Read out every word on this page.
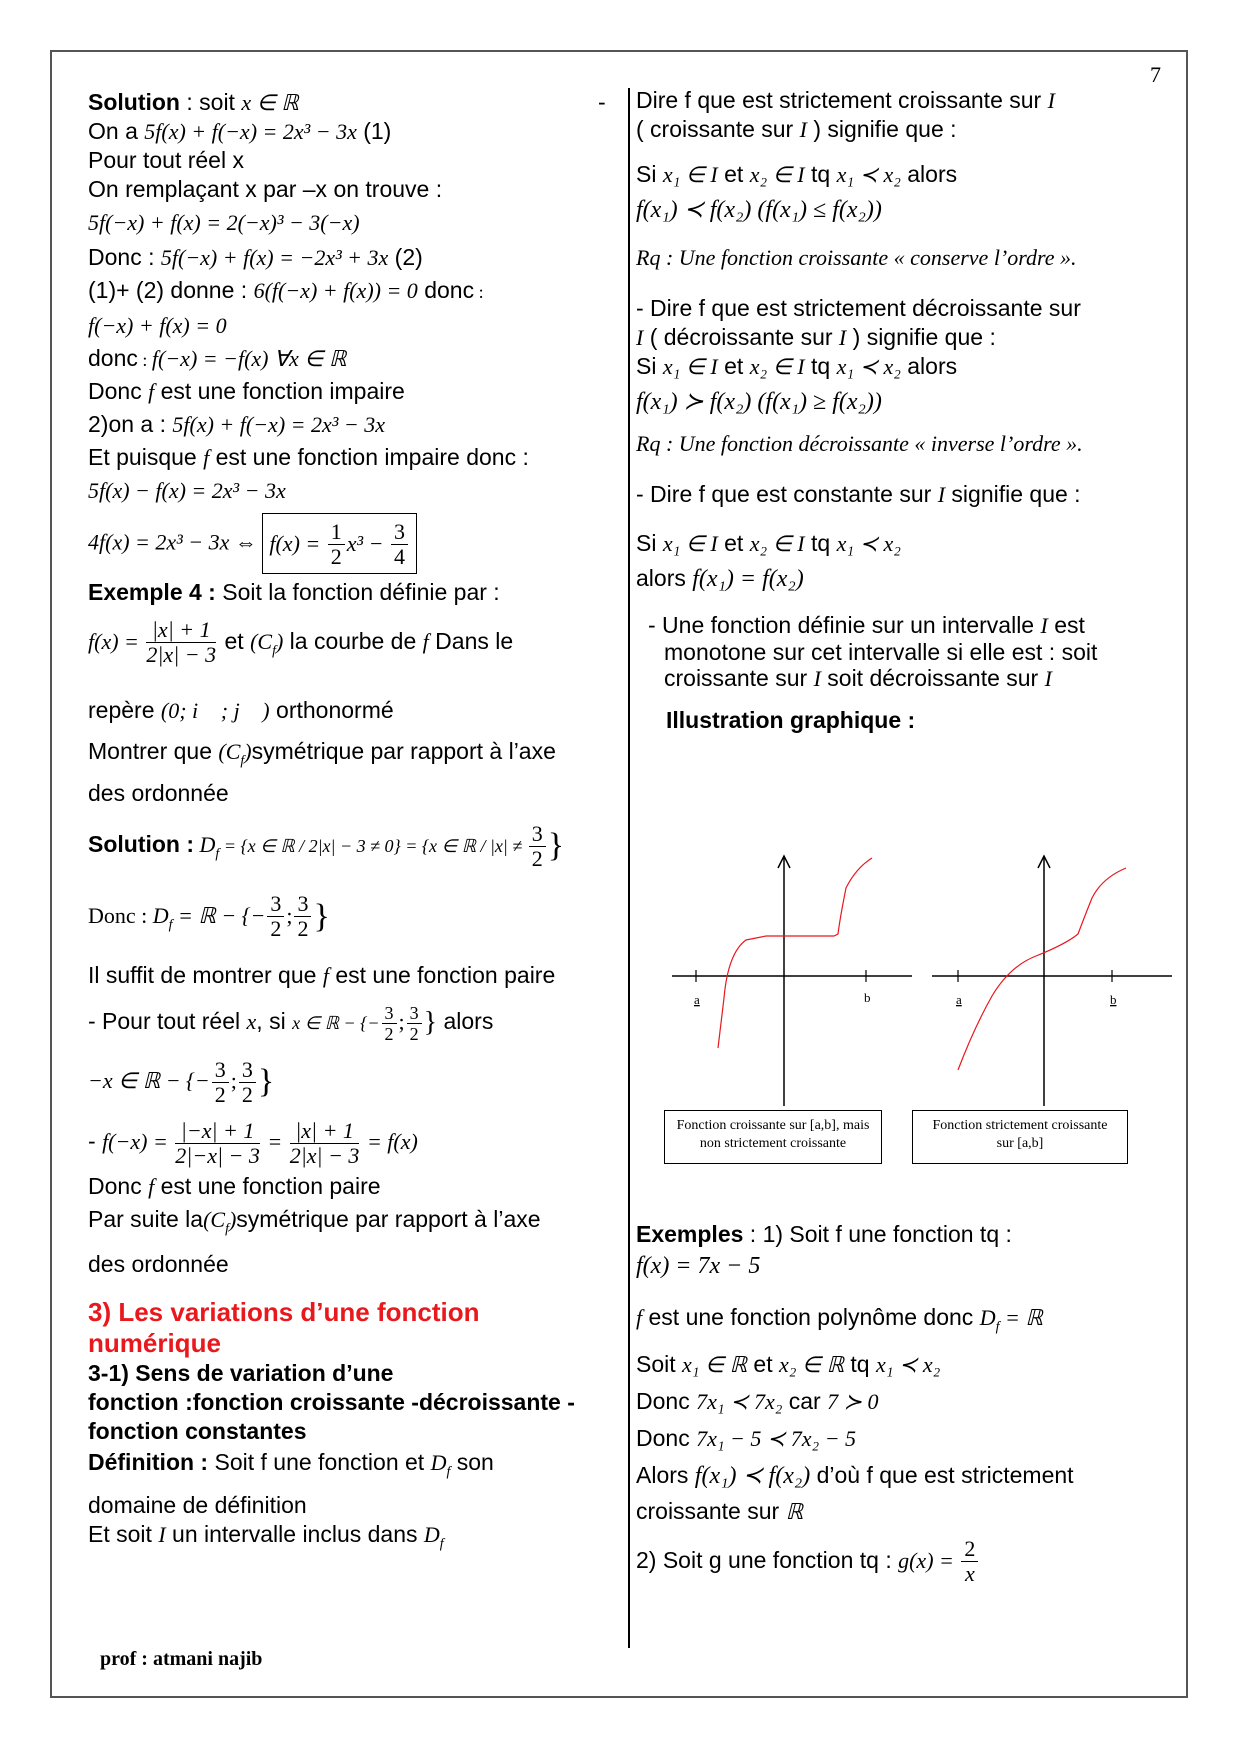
7

Solution : soit x ∈ ℝ	-

On a 5f(x) + f(−x) = 2x³ − 3x (1)

Pour tout réel x

On remplaçant x par –x on trouve :

5f(−x) + f(x) = 2(−x)³ − 3(−x)

Donc : 5f(−x) + f(x) = −2x³ + 3x (2)

(1)+ (2) donne : 6(f(−x) + f(x)) = 0 donc :

f(−x) + f(x) = 0

donc : f(−x) = −f(x) ∀x ∈ ℝ

Donc f est une fonction impaire

2)on a : 5f(x) + f(−x) = 2x³ − 3x

Et puisque f est une fonction impaire donc :

5f(x) − f(x) = 2x³ − 3x

4f(x) = 2x³ − 3x ⇔ $f(x) = \frac{1}{2} x^3 - \frac{3}{4}$

Exemple 4 : Soit la fonction définie par :

$f(x) = \frac{|x| + 1}{2|x| - 3}$ et $(C_f)$ la courbe de f Dans le

repère (0; i⃗ ; j⃗ ) orthonormé

Montrer que $(C_f)symétrique$ par rapport à l’axe

des ordonnée

Solution : $D_f = \{x$ ∈ ℝ / 2|x| − 3 ≠ 0} = {x ∈ ℝ / $|x| \ne \frac{3}{2}$ }

Donc : $D_f$ = ℝ − {− $\frac{3}{2}$ ; $\frac{3}{2}$ }

Il suffit de montrer que f est une fonction paire

- Pour tout réel x, si x ∈ ℝ − {− $\frac{3}{2}$ ; $\frac{3}{2}$ } alors

−x ∈ ℝ − {− $\frac{3}{2}$ ; $\frac{3}{2}$ }

- $f(-x) = \frac{|-x| + 1}{2|-x| - 3} = \frac{|x| + 1}{2|x| - 3} = f(x)$

Donc f est une fonction paire

Par suite $la(C_f)symétrique$ par rapport à l’axe

des ordonnée

3) Les variations d’une fonction

numérique

3-1) Sens de variation d’une

fonction :fonction croissante -décroissante -

fonction constantes

Définition : Soit f une fonction et $D_f$ son

domaine de définition

Et soit I un intervalle inclus dans $D_f$

Dire f que est strictement croissante sur I

( croissante sur I ) signifie que :

Si x₁ ∈ I et x₂ ∈ I tq x₁ ≺ x₂ alors

f(x₁) ≺ f(x₂) (f(x₁) ≤ f(x₂))

Rq : Une fonction croissante « conserve l’ordre ».

- Dire f que est strictement décroissante sur

I ( décroissante sur I ) signifie que :

Si x₁ ∈ I et x₂ ∈ I tq x₁ ≺ x₂ alors

f(x₁) ≻ f(x₂) (f(x₁) ≥ f(x₂))

Rq : Une fonction décroissante « inverse l’ordre ».

- Dire f que est constante sur I signifie que :

Si x₁ ∈ I et x₂ ∈ I tq x₁ ≺ x₂

alors f(x₁) = f(x₂)

- Une fonction définie sur un intervalle I est

monotone sur cet intervalle si elle est : soit

croissante sur I soit décroissante sur I

Illustration graphique :

a	b	a	b
Fonction croissante sur [a,b], mais
non strictement croissante
Fonction strictement croissante
sur [a,b]

Exemples : 1) Soit f une fonction tq :

f(x) = 7x − 5

f est une fonction polynôme donc $D_f$ = ℝ

Soit x₁ ∈ ℝ et x₂ ∈ ℝ tq x₁ ≺ x₂

Donc 7x₁ ≺ 7x₂ car 7 ≻ 0

Donc 7x₁ − 5 ≺ 7x₂ − 5

Alors f(x₁) ≺ f(x₂) d’où f que est strictement

croissante sur ℝ

2) Soit g une fonction tq : $g(x) = \frac{2}{x}$

prof : atmani najib
